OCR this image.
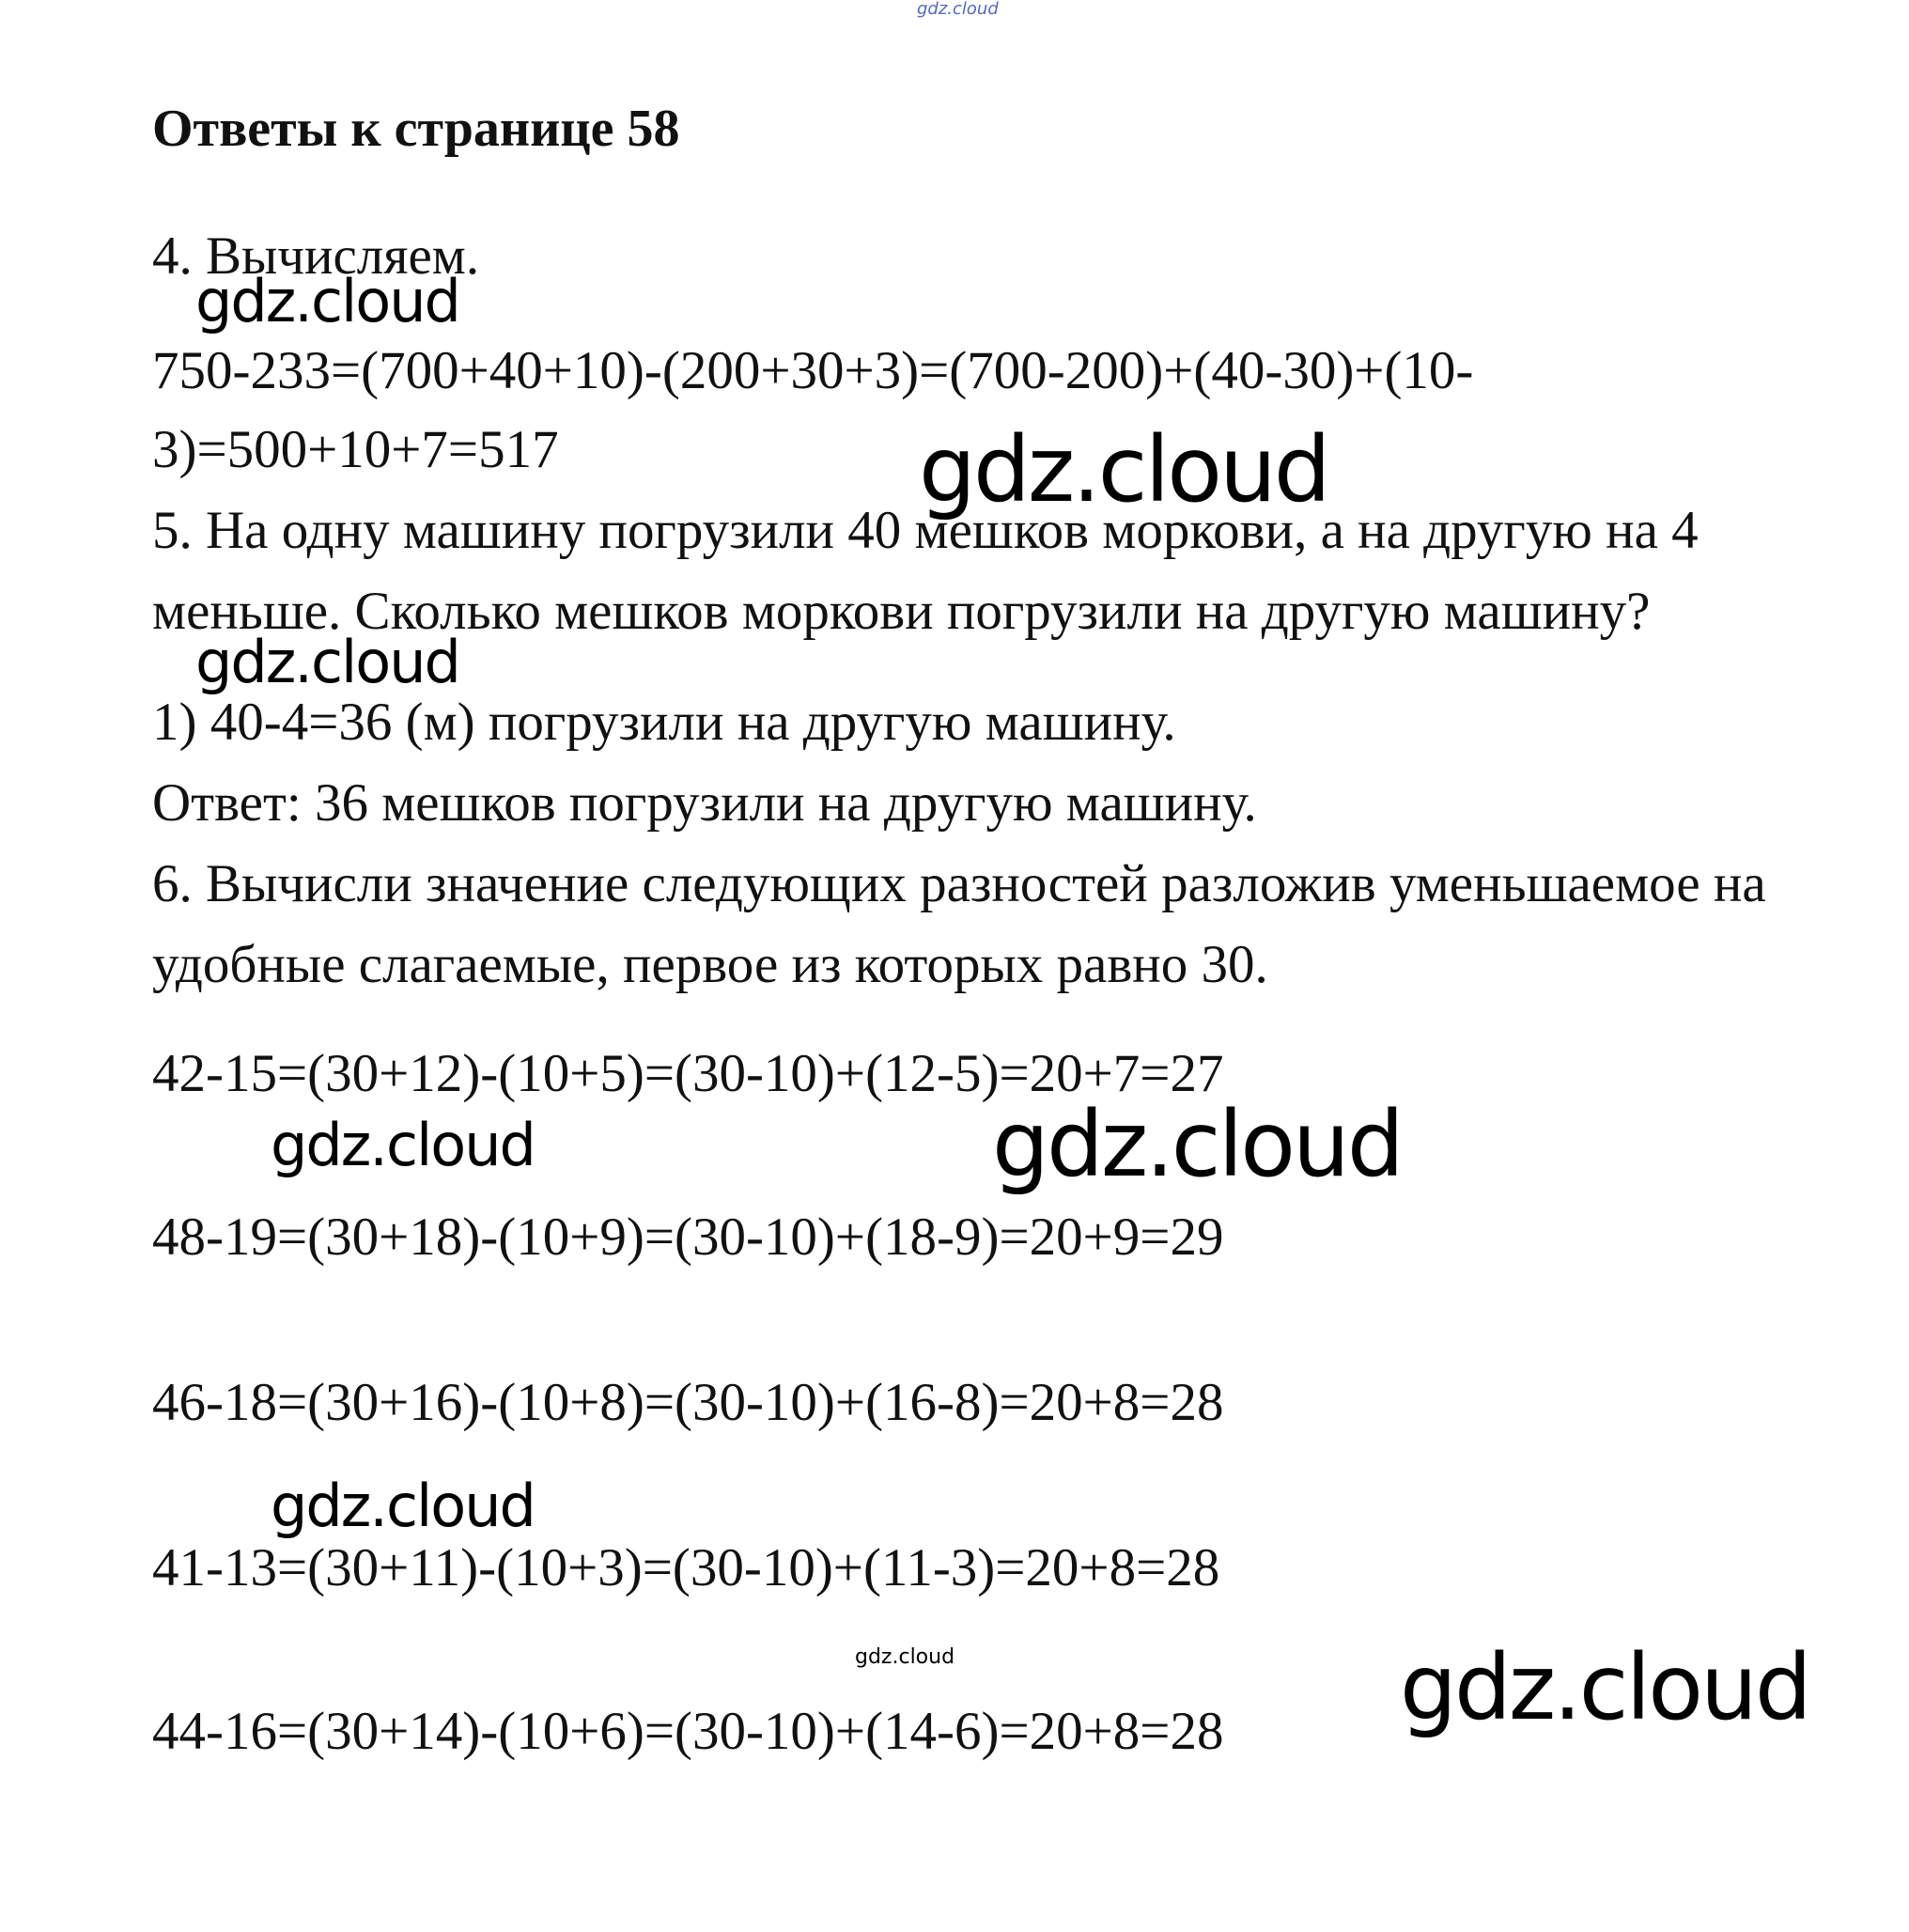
gdz.cloud
Ответы к странице 58
4. Вычисляем.
gdz.cloud
750-233=(700+40+10)-(200+30+3)=(700-200)+(40-30)+(10-
3)=500+10+7=517	gdz.cloud
5. На одну машину погрузили 40 мешков моркови, а на другую на 4
меньше. Сколько мешков моркови погрузили на другую машину?
gdz.cloud
1) 40-4=36 (м) погрузили на другую машину.
Ответ: 36 мешков погрузили на другую машину.
6. Вычисли значение следующих разностей разложив уменьшаемое на
удобные слагаемые, первое из которых равно 30.
42-15=(30+12)-(10+5)=(30-10)+(12-5)=20+7=27
gdz.cloud	gdz.cloud
48-19=(30+18)-(10+9)=(30-10)+(18-9)=20+9=29
46-18=(30+16)-(10+8)=(30-10)+(16-8)=20+8=28
gdz.cloud
41-13=(30+11)-(10+3)=(30-10)+(11-3)=20+8=28
gdz.cloud	gdz.cloud
44-16=(30+14)-(10+6)=(30-10)+(14-6)=20+8=28
